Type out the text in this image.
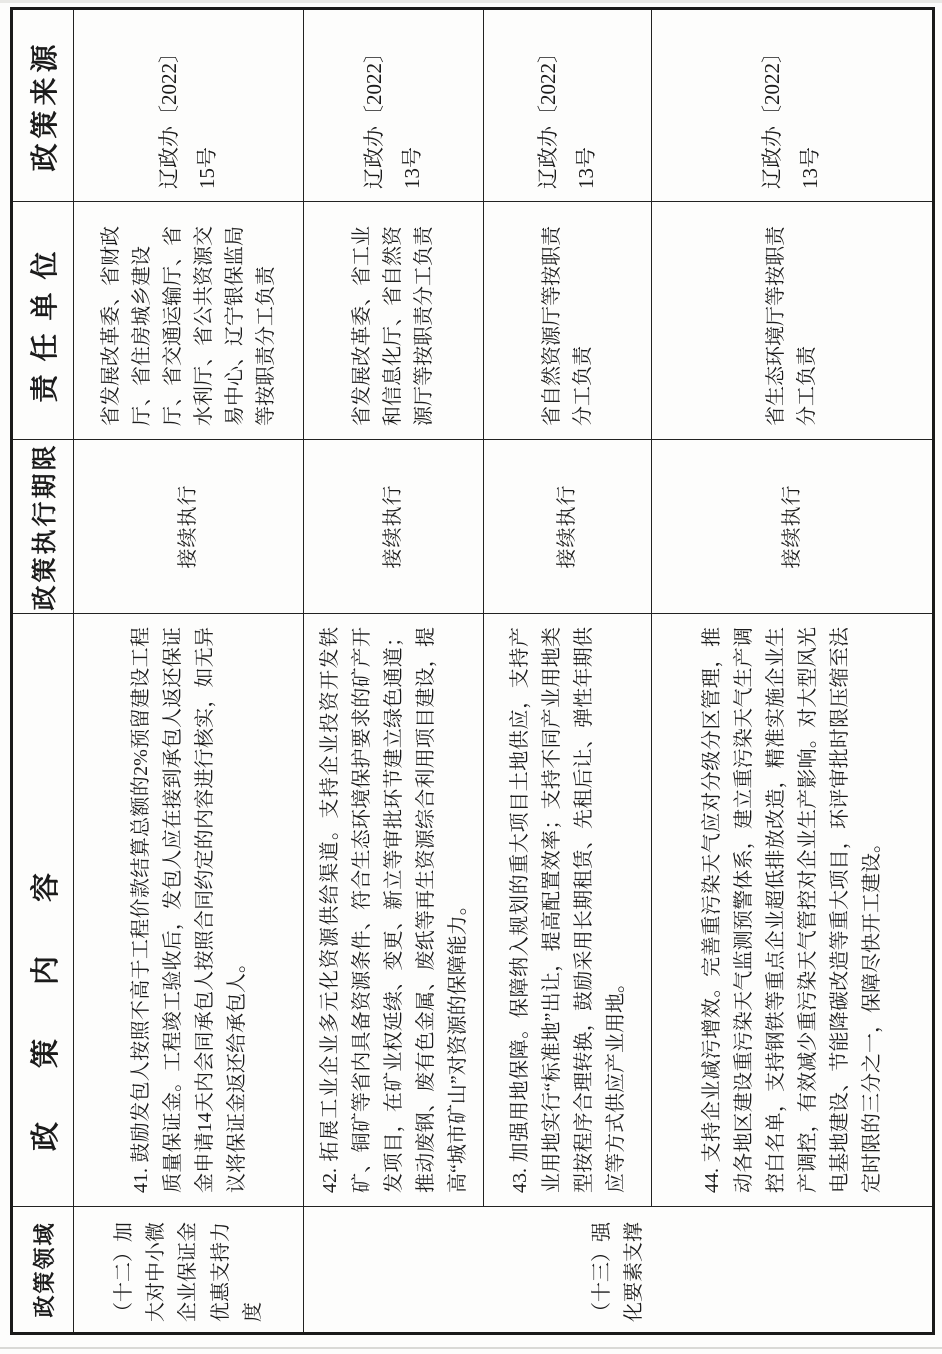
政策领域	政策内容	政策执行期限	责任单位	政策来源
（十二）加大对中小微企业保证金优惠支持力度	41. 鼓励发包人按照不高于工程价款结算总额的2%预留建设工程质量保证金。工程竣工验收后，发包人应在接到承包人返还保证金申请14天内会同承包人按照合同约定的内容进行核实，如无异议将保证金返还给承包人。	接续执行	省发展改革委、省财政厅、省住房城乡建设厅、省交通运输厅、省水利厅、省公共资源交易中心、辽宁银保监局等按职责分工负责	辽政办〔2022〕15号
（十三）强化要素支撑	42. 拓展工业企业多元化资源供给渠道。支持企业投资开发铁矿、铜矿等省内具备资源条件、符合生态环境保护要求的矿产开发项目，在矿业权延续、变更、新立等审批环节建立绿色通道；推动废钢、废有色金属、废纸等再生资源综合利用项目建设，提高“城市矿山”对资源的保障能力。	接续执行	省发展改革委、省工业和信息化厅、省自然资源厅等按职责分工负责	辽政办〔2022〕13号
	43. 加强用地保障。保障纳入规划的重大项目土地供应，支持产业用地实行“标准地”出让，提高配置效率；支持不同产业用地类型按程序合理转换，鼓励采用长期租赁、先租后让、弹性年期供应等方式供应产业用地。	接续执行	省自然资源厅等按职责分工负责	辽政办〔2022〕13号
	44. 支持企业减污增效。完善重污染天气应对分级分区管理，推动各地区建设重污染天气监测预警体系，建立重污染天气生产调控白名单，支持钢铁等重点企业超低排放改造，精准实施企业生产调控，有效减少重污染天气管控对企业生产影响。对大型风光电基地建设、节能降碳改造等重大项目，环评审批时限压缩至法定时限的三分之一，保障尽快开工建设。	接续执行	省生态环境厅等按职责分工负责	辽政办〔2022〕13号
